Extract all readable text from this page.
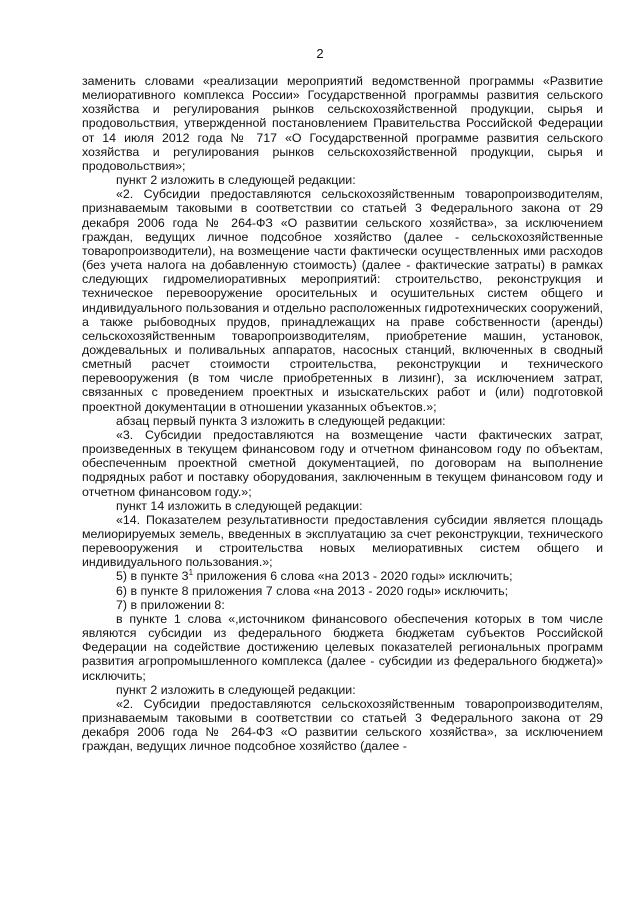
2

заменить словами «реализации мероприятий ведомственной программы «Развитие мелиоративного комплекса России» Государственной программы развития сельского хозяйства и регулирования рынков сельскохозяйственной продукции, сырья и продовольствия, утвержденной постановлением Правительства Российской Федерации от 14 июля 2012 года № 717 «О Государственной программе развития сельского хозяйства и регулирования рынков сельскохозяйственной продукции, сырья и продовольствия»;

пункт 2 изложить в следующей редакции:

«2. Субсидии предоставляются сельскохозяйственным товаропроизводителям, признаваемым таковыми в соответствии со статьей 3 Федерального закона от 29 декабря 2006 года № 264-ФЗ «О развитии сельского хозяйства», за исключением граждан, ведущих личное подсобное хозяйство (далее - сельскохозяйственные товаропроизводители), на возмещение части фактически осуществленных ими расходов (без учета налога на добавленную стоимость) (далее - фактические затраты) в рамках следующих гидромелиоративных мероприятий: строительство, реконструкция и техническое перевооружение оросительных и осушительных систем общего и индивидуального пользования и отдельно расположенных гидротехнических сооружений, а также рыбоводных прудов, принадлежащих на праве собственности (аренды) сельскохозяйственным товаропроизводителям, приобретение машин, установок, дождевальных и поливальных аппаратов, насосных станций, включенных в сводный сметный расчет стоимости строительства, реконструкции и технического перевооружения (в том числе приобретенных в лизинг), за исключением затрат, связанных с проведением проектных и изыскательских работ и (или) подготовкой проектной документации в отношении указанных объектов.»;

абзац первый пункта 3 изложить в следующей редакции:

«3. Субсидии предоставляются на возмещение части фактических затрат, произведенных в текущем финансовом году и отчетном финансовом году по объектам, обеспеченным проектной сметной документацией, по договорам на выполнение подрядных работ и поставку оборудования, заключенным в текущем финансовом году и отчетном финансовом году.»;

пункт 14 изложить в следующей редакции:

«14. Показателем результативности предоставления субсидии является площадь мелиорируемых земель, введенных в эксплуатацию за счет реконструкции, технического перевооружения и строительства новых мелиоративных систем общего и индивидуального пользования.»;

5) в пункте $3^1$ приложения 6 слова «на 2013 - 2020 годы» исключить;

6) в пункте 8 приложения 7 слова «на 2013 - 2020 годы» исключить;

7) в приложении 8:

в пункте 1 слова «,источником финансового обеспечения которых в том числе являются субсидии из федерального бюджета бюджетам субъектов Российской Федерации на содействие достижению целевых показателей региональных программ развития агропромышленного комплекса (далее - субсидии из федерального бюджета)» исключить;

пункт 2 изложить в следующей редакции:

«2. Субсидии предоставляются сельскохозяйственным товаропроизводителям, признаваемым таковыми в соответствии со статьей 3 Федерального закона от 29 декабря 2006 года № 264-ФЗ «О развитии сельского хозяйства», за исключением граждан, ведущих личное подсобное хозяйство (далее -
